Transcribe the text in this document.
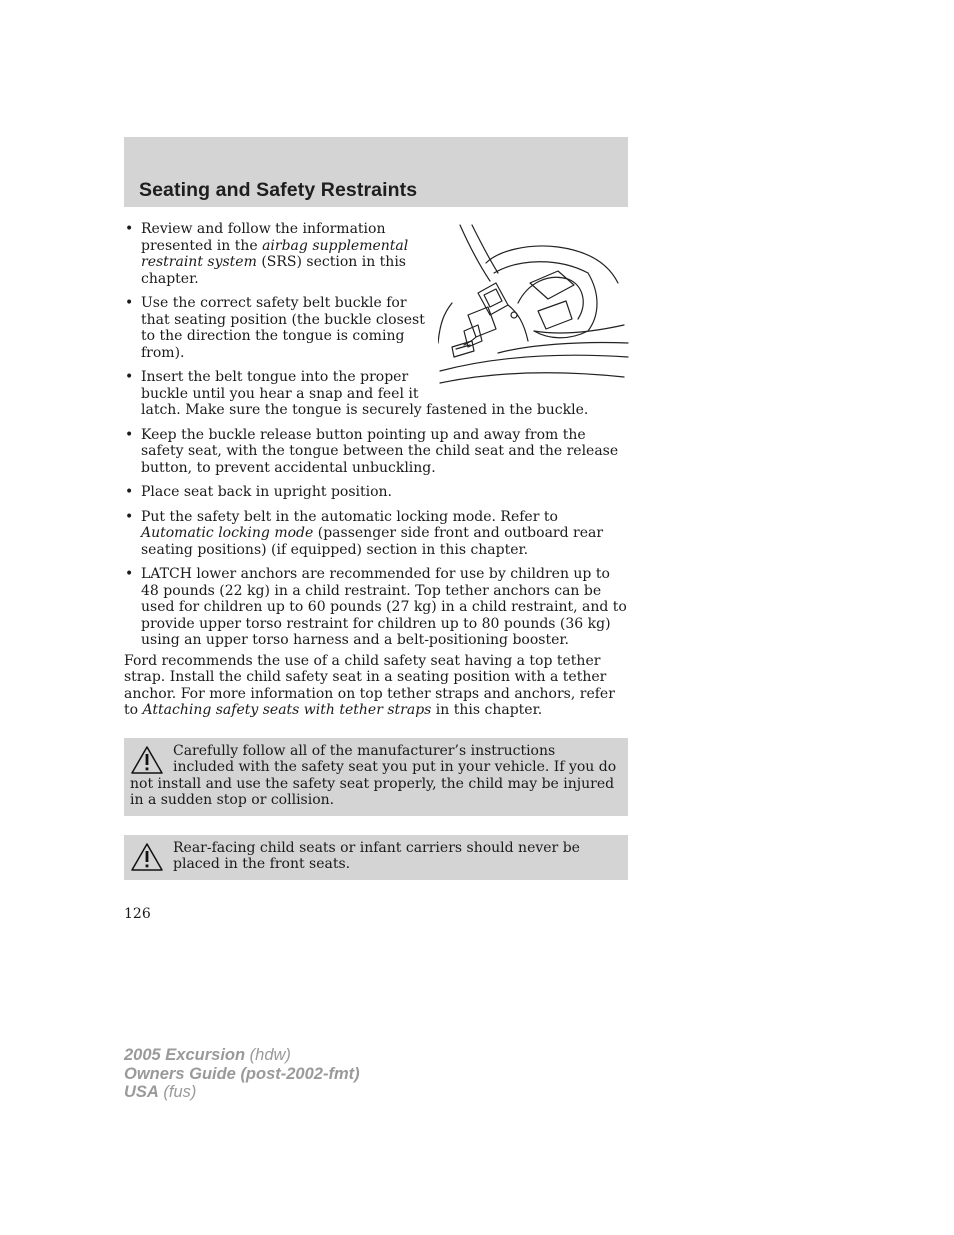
Seating and Safety Restraints
• Review and follow the information presented in the airbag supplemental restraint system (SRS) section in this chapter.
• Use the correct safety belt buckle for that seating position (the buckle closest to the direction the tongue is coming from).
• Insert the belt tongue into the proper buckle until you hear a snap and feel it latch. Make sure the tongue is securely fastened in the buckle.
• Keep the buckle release button pointing up and away from the safety seat, with the tongue between the child seat and the release button, to prevent accidental unbuckling.
• Place seat back in upright position.
• Put the safety belt in the automatic locking mode. Refer to Automatic locking mode (passenger side front and outboard rear seating positions) (if equipped) section in this chapter.
• LATCH lower anchors are recommended for use by children up to 48 pounds (22 kg) in a child restraint. Top tether anchors can be used for children up to 60 pounds (27 kg) in a child restraint, and to provide upper torso restraint for children up to 80 pounds (36 kg) using an upper torso harness and a belt-positioning booster.

Ford recommends the use of a child safety seat having a top tether strap. Install the child safety seat in a seating position with a tether anchor. For more information on top tether straps and anchors, refer to Attaching safety seats with tether straps in this chapter.

Carefully follow all of the manufacturer’s instructions included with the safety seat you put in your vehicle. If you do not install and use the safety seat properly, the child may be injured in a sudden stop or collision.
Rear-facing child seats or infant carriers should never be placed in the front seats.
126
2005 Excursion (hdw)
Owners Guide (post-2002-fmt)
USA (fus)
